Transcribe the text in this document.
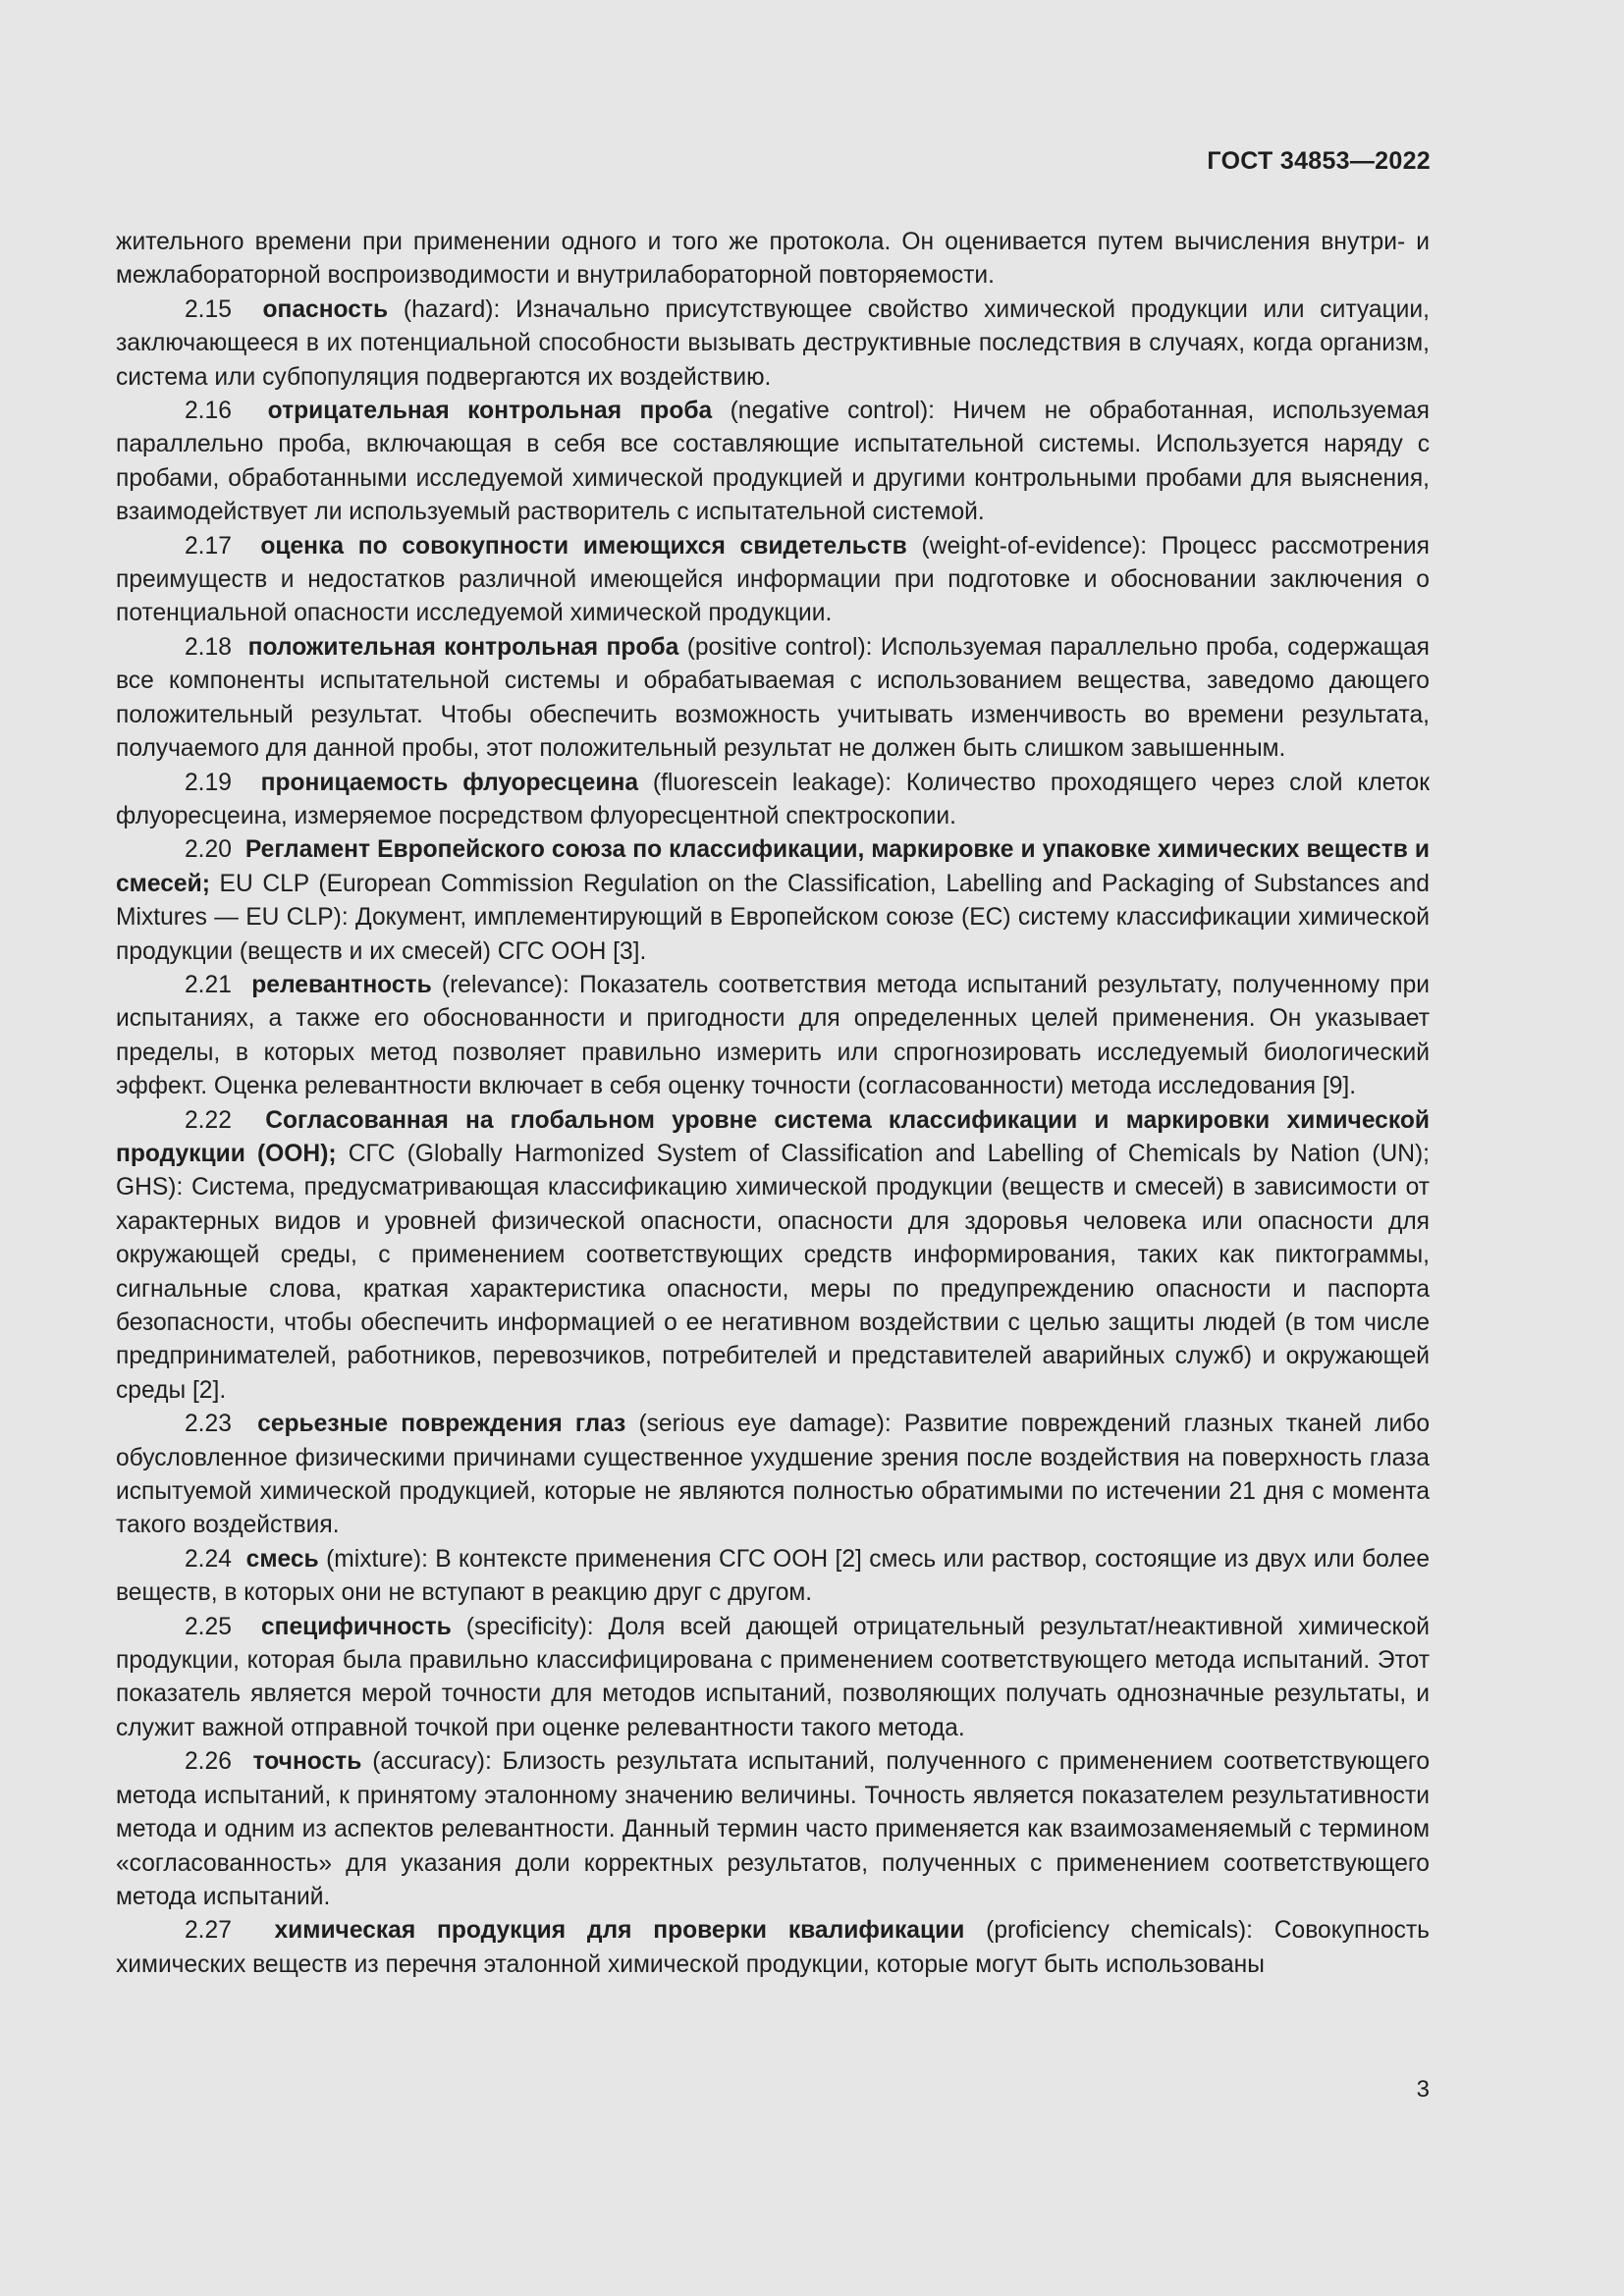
ГОСТ 34853—2022

жительного времени при применении одного и того же протокола. Он оценивается путем вычисления внутри- и межлабораторной воспроизводимости и внутрилабораторной повторяемости.

2.15 опасность (hazard): Изначально присутствующее свойство химической продукции или ситуации, заключающееся в их потенциальной способности вызывать деструктивные последствия в случаях, когда организм, система или субпопуляция подвергаются их воздействию.

2.16 отрицательная контрольная проба (negative control): Ничем не обработанная, используемая параллельно проба, включающая в себя все составляющие испытательной системы. Используется наряду с пробами, обработанными исследуемой химической продукцией и другими контрольными пробами для выяснения, взаимодействует ли используемый растворитель с испытательной системой.

2.17 оценка по совокупности имеющихся свидетельств (weight-of-evidence): Процесс рассмотрения преимуществ и недостатков различной имеющейся информации при подготовке и обосновании заключения о потенциальной опасности исследуемой химической продукции.

2.18 положительная контрольная проба (positive control): Используемая параллельно проба, содержащая все компоненты испытательной системы и обрабатываемая с использованием вещества, заведомо дающего положительный результат. Чтобы обеспечить возможность учитывать изменчивость во времени результата, получаемого для данной пробы, этот положительный результат не должен быть слишком завышенным.

2.19 проницаемость флуоресцеина (fluorescein leakage): Количество проходящего через слой клеток флуоресцеина, измеряемое посредством флуоресцентной спектроскопии.

2.20 Регламент Европейского союза по классификации, маркировке и упаковке химических веществ и смесей; EU CLP (European Commission Regulation on the Classification, Labelling and Packaging of Substances and Mixtures — EU CLP): Документ, имплементирующий в Европейском союзе (ЕС) систему классификации химической продукции (веществ и их смесей) СГС ООН [3].

2.21 релевантность (relevance): Показатель соответствия метода испытаний результату, полученному при испытаниях, а также его обоснованности и пригодности для определенных целей применения. Он указывает пределы, в которых метод позволяет правильно измерить или спрогнозировать исследуемый биологический эффект. Оценка релевантности включает в себя оценку точности (согласованности) метода исследования [9].

2.22 Согласованная на глобальном уровне система классификации и маркировки химической продукции (ООН); СГС (Globally Harmonized System of Classification and Labelling of Chemicals by Nation (UN); GHS): Система, предусматривающая классификацию химической продукции (веществ и смесей) в зависимости от характерных видов и уровней физической опасности, опасности для здоровья человека или опасности для окружающей среды, с применением соответствующих средств информирования, таких как пиктограммы, сигнальные слова, краткая характеристика опасности, меры по предупреждению опасности и паспорта безопасности, чтобы обеспечить информацией о ее негативном воздействии с целью защиты людей (в том числе предпринимателей, работников, перевозчиков, потребителей и представителей аварийных служб) и окружающей среды [2].

2.23 серьезные повреждения глаз (serious eye damage): Развитие повреждений глазных тканей либо обусловленное физическими причинами существенное ухудшение зрения после воздействия на поверхность глаза испытуемой химической продукцией, которые не являются полностью обратимыми по истечении 21 дня с момента такого воздействия.

2.24 смесь (mixture): В контексте применения СГС ООН [2] смесь или раствор, состоящие из двух или более веществ, в которых они не вступают в реакцию друг с другом.

2.25 специфичность (specificity): Доля всей дающей отрицательный результат/неактивной химической продукции, которая была правильно классифицирована с применением соответствующего метода испытаний. Этот показатель является мерой точности для методов испытаний, позволяющих получать однозначные результаты, и служит важной отправной точкой при оценке релевантности такого метода.

2.26 точность (accuracy): Близость результата испытаний, полученного с применением соответствующего метода испытаний, к принятому эталонному значению величины. Точность является показателем результативности метода и одним из аспектов релевантности. Данный термин часто применяется как взаимозаменяемый с термином «согласованность» для указания доли корректных результатов, полученных с применением соответствующего метода испытаний.

2.27 химическая продукция для проверки квалификации (proficiency chemicals): Совокупность химических веществ из перечня эталонной химической продукции, которые могут быть использованы

3
